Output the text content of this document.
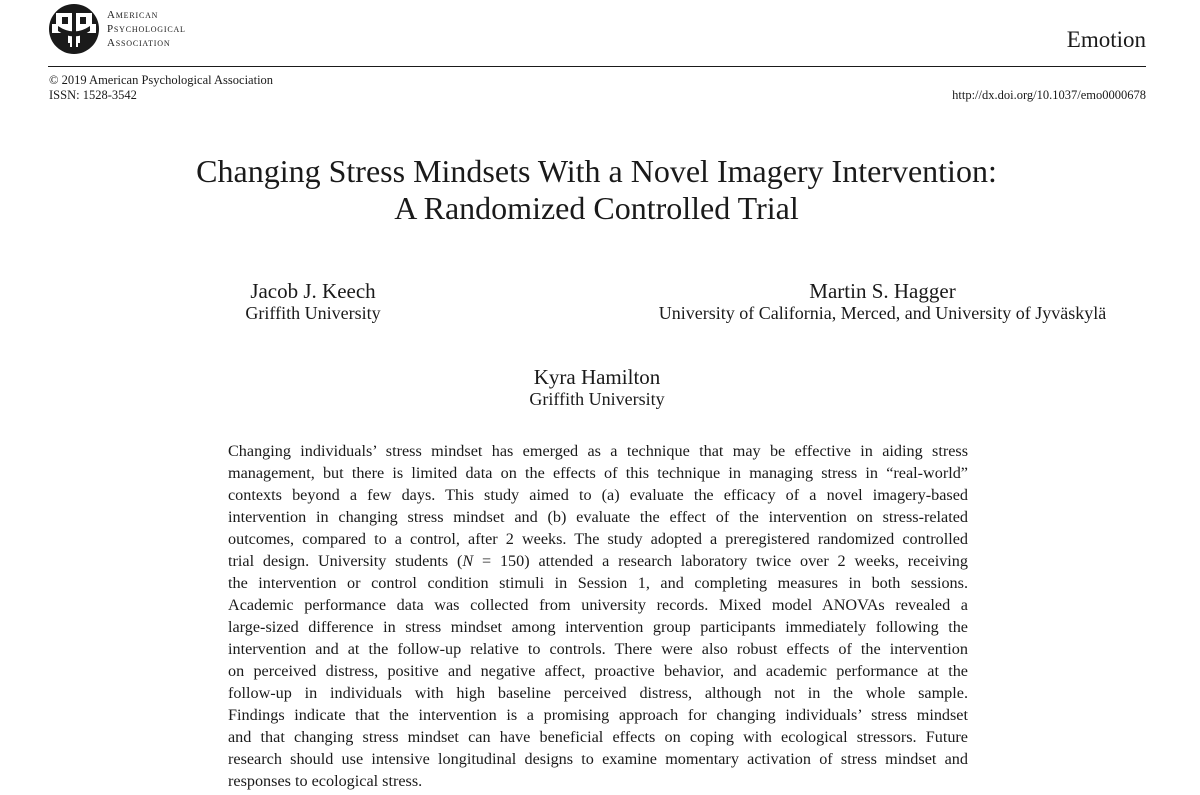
American
Psychological
Association	Emotion
© 2019 American Psychological Association
ISSN: 1528-3542	http://dx.doi.org/10.1037/emo0000678
Changing Stress Mindsets With a Novel Imagery Intervention:
A Randomized Controlled Trial
Jacob J. Keech
Griffith University
Martin S. Hagger
University of California, Merced, and University of Jyväskylä
Kyra Hamilton
Griffith University
Changing individuals’ stress mindset has emerged as a technique that may be effective in aiding stress
management, but there is limited data on the effects of this technique in managing stress in “real-world”
contexts beyond a few days. This study aimed to (a) evaluate the efficacy of a novel imagery-based
intervention in changing stress mindset and (b) evaluate the effect of the intervention on stress-related
outcomes, compared to a control, after 2 weeks. The study adopted a preregistered randomized controlled
trial design. University students (N = 150) attended a research laboratory twice over 2 weeks, receiving
the intervention or control condition stimuli in Session 1, and completing measures in both sessions.
Academic performance data was collected from university records. Mixed model ANOVAs revealed a
large-sized difference in stress mindset among intervention group participants immediately following the
intervention and at the follow-up relative to controls. There were also robust effects of the intervention
on perceived distress, positive and negative affect, proactive behavior, and academic performance at the
follow-up in individuals with high baseline perceived distress, although not in the whole sample.
Findings indicate that the intervention is a promising approach for changing individuals’ stress mindset
and that changing stress mindset can have beneficial effects on coping with ecological stressors. Future
research should use intensive longitudinal designs to examine momentary activation of stress mindset and
responses to ecological stress.
